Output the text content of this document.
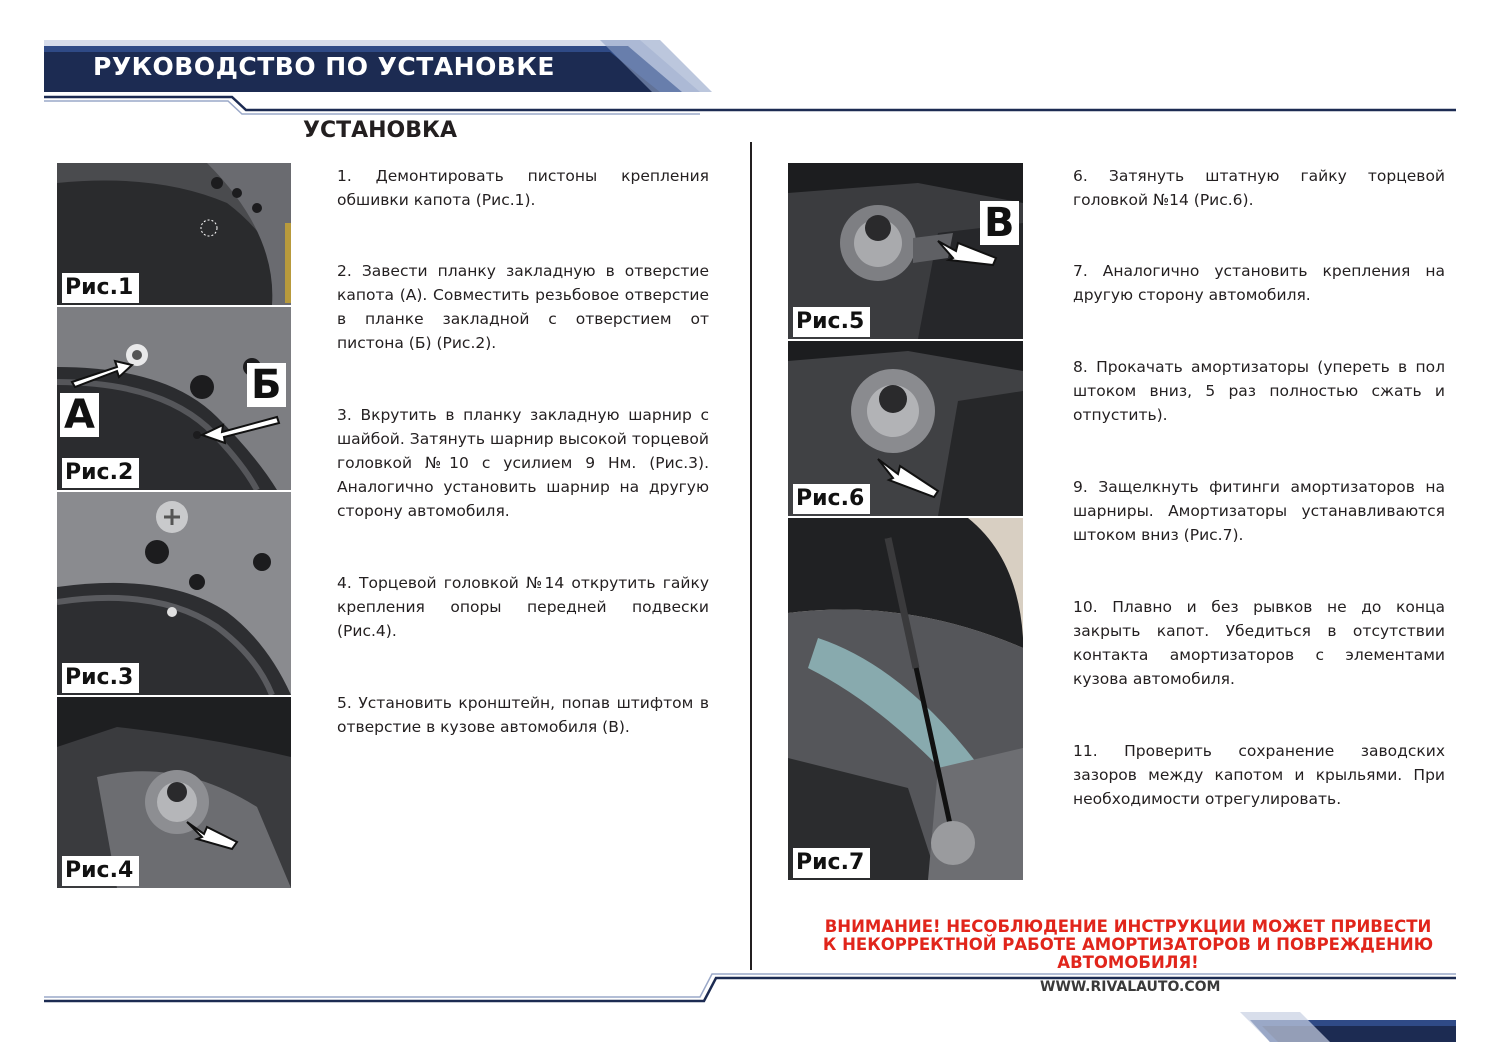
РУКОВОДСТВО ПО УСТАНОВКЕ
УСТАНОВКА
Рис.1
А
Б
Рис.2
Рис.3
Рис.4
1. Демонтировать пистоны крепления обшивки капота (Рис.1).
2. Завести планку закладную в отверстие капота (А). Совместить резьбовое отверстие в планке закладной с отверстием от пистона (Б) (Рис.2).
3. Вкрутить в планку закладную шарнир с шайбой. Затянуть шарнир высокой торцевой головкой №10 с усилием 9 Нм. (Рис.3). Аналогично установить шарнир на другую сторону автомобиля.
4. Торцевой головкой №14 открутить гайку крепления опоры передней подвески (Рис.4).
5. Установить кронштейн, попав штифтом в отверстие в кузове автомобиля (В).
В
Рис.5
Рис.6
Рис.7
6. Затянуть штатную гайку торцевой головкой №14 (Рис.6).
7. Аналогично установить крепления на другую сторону автомобиля.
8. Прокачать амортизаторы (упереть в пол штоком вниз, 5 раз полностью сжать и отпустить).
9. Защелкнуть фитинги амортизаторов на шарниры. Амортизаторы устанавливаются штоком вниз (Рис.7).
10. Плавно и без рывков не до конца закрыть капот. Убедиться в отсутствии контакта амортизаторов с элементами кузова автомобиля.
11. Проверить сохранение заводских зазоров между капотом и крыльями. При необходимости отрегулировать.
ВНИМАНИЕ! НЕСОБЛЮДЕНИЕ ИНСТРУКЦИИ МОЖЕТ ПРИВЕСТИ К НЕКОРРЕКТНОЙ РАБОТЕ АМОРТИЗАТОРОВ И ПОВРЕЖДЕНИЮ АВТОМОБИЛЯ!
WWW.RIVALAUTO.COM
